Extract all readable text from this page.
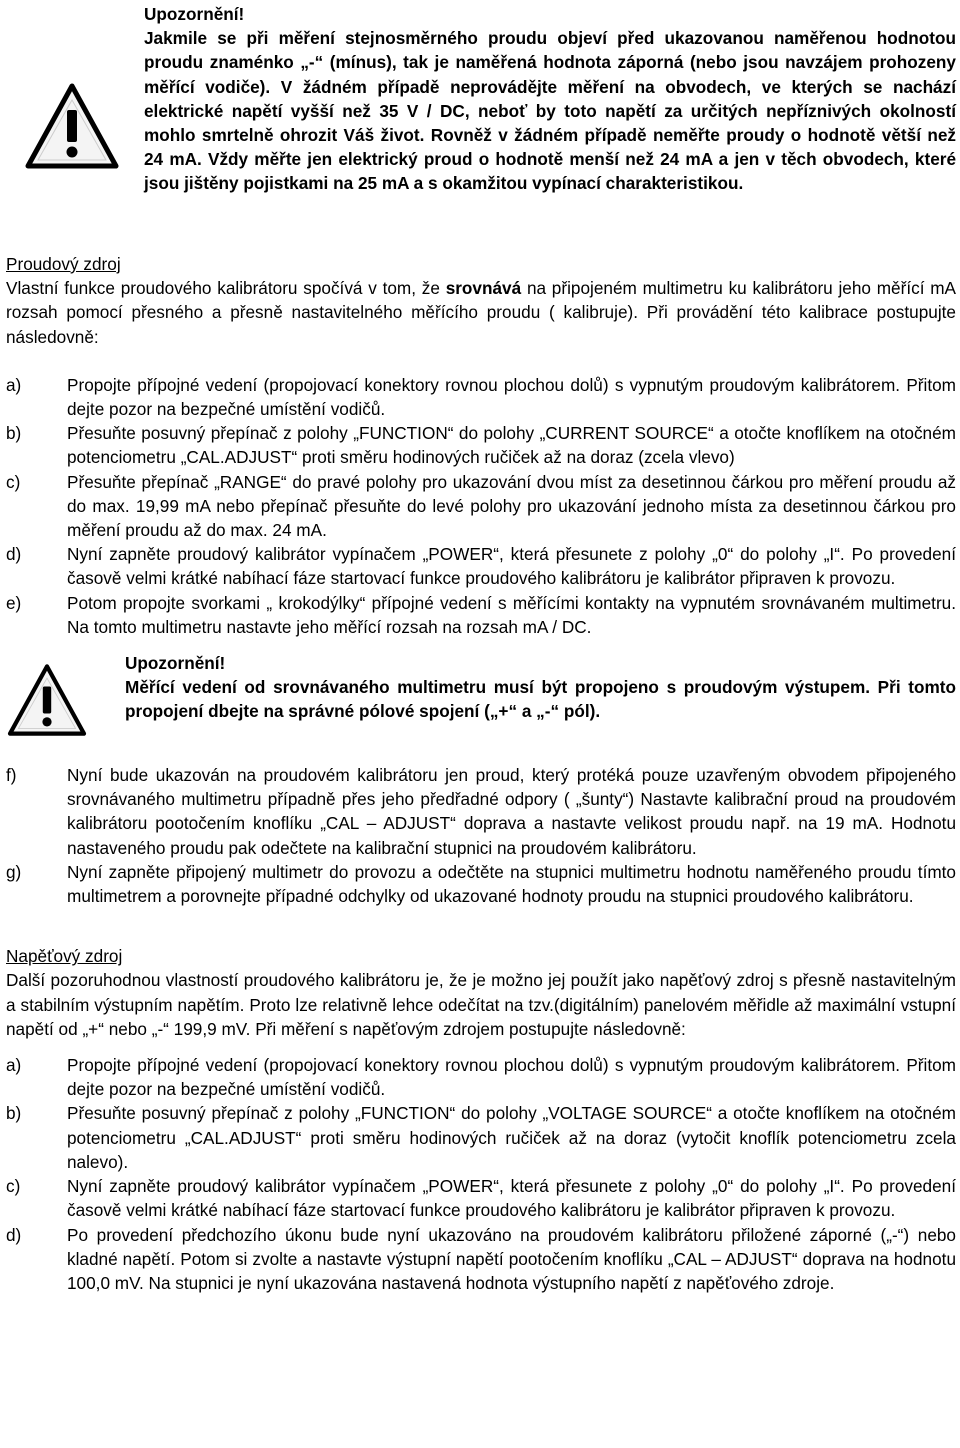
Upozornění!
Jakmile se při měření stejnosměrného proudu objeví před ukazovanou naměřenou hodnotou proudu znaménko „-“ (mínus), tak je naměřená hodnota záporná (nebo jsou navzájem prohozeny měřící vodiče). V žádném případě neprovádějte měření na obvodech, ve kterých se nachází elektrické napětí vyšší než 35 V / DC, neboť by toto napětí za určitých nepříznivých okolností mohlo smrtelně ohrozit Váš život. Rovněž v žádném případě neměřte proudy o hodnotě větší než 24 mA. Vždy měřte jen elektrický proud o hodnotě menší než 24 mA a jen v těch obvodech, které jsou jištěny pojistkami na 25 mA a s okamžitou vypínací charakteristikou.
Proudový zdroj

Vlastní funkce proudového kalibrátoru spočívá v tom, že srovnává na připojeném multimetru ku kalibrátoru jeho měřící mA rozsah pomocí přesného a přesně nastavitelného měřícího proudu ( kalibruje). Při provádění této kalibrace postupujte následovně:

a)	Propojte přípojné vedení (propojovací konektory rovnou plochou dolů) s vypnutým proudovým kalibrátorem. Přitom dejte pozor na bezpečné umístění vodičů.
b)	Přesuňte posuvný přepínač z polohy „FUNCTION“ do polohy „CURRENT SOURCE“ a otočte knoflíkem na otočném potenciometru „CAL.ADJUST“ proti směru hodinových ručiček až na doraz (zcela vlevo)
c)	Přesuňte přepínač „RANGE“ do pravé polohy pro ukazování dvou míst za desetinnou čárkou pro měření proudu až do max. 19,99 mA nebo přepínač přesuňte do levé polohy pro ukazování jednoho místa za desetinnou čárkou pro měření proudu až do max. 24 mA.
d)	Nyní zapněte proudový kalibrátor vypínačem „POWER“, která přesunete z polohy „0“ do polohy „I“. Po provedení časově velmi krátké nabíhací fáze startovací funkce proudového kalibrátoru je kalibrátor připraven k provozu.
e)	Potom propojte svorkami „ krokodýlky“ přípojné vedení s měřícími kontakty na vypnutém srovnávaném multimetru. Na tomto multimetru nastavte jeho měřící rozsah na rozsah mA / DC.
Upozornění!
Měřící vedení od srovnávaného multimetru musí být propojeno s proudovým výstupem. Při tomto propojení dbejte na správné pólové spojení („+“ a „-“ pól).
f)	Nyní bude ukazován na proudovém kalibrátoru jen proud, který protéká pouze uzavřeným obvodem připojeného srovnávaného multimetru případně přes jeho předřadné odpory ( „šunty“) Nastavte kalibrační proud na proudovém kalibrátoru pootočením knoflíku „CAL – ADJUST“ doprava a nastavte velikost proudu např. na 19 mA. Hodnotu nastaveného proudu pak odečtete na kalibrační stupnici na proudovém kalibrátoru.
g)	Nyní zapněte připojený multimetr do provozu a odečtěte na stupnici multimetru hodnotu naměřeného proudu tímto multimetrem a porovnejte případné odchylky od ukazované hodnoty proudu na stupnici proudového kalibrátoru.
Napěťový zdroj

Další pozoruhodnou vlastností proudového kalibrátoru je, že je možno jej použít jako napěťový zdroj s přesně nastavitelným a stabilním výstupním napětím. Proto lze relativně lehce odečítat na tzv.(digitálním) panelovém měřidle až maximální vstupní napětí od „+“ nebo „-“ 199,9 mV. Při měření s napěťovým zdrojem postupujte následovně:

a)	Propojte přípojné vedení (propojovací konektory rovnou plochou dolů) s vypnutým proudovým kalibrátorem. Přitom dejte pozor na bezpečné umístění vodičů.
b)	Přesuňte posuvný přepínač z polohy „FUNCTION“ do polohy „VOLTAGE SOURCE“ a otočte knoflíkem na otočném potenciometru „CAL.ADJUST“ proti směru hodinových ručiček až na doraz (vytočit knoflík potenciometru zcela nalevo).
c)	Nyní zapněte proudový kalibrátor vypínačem „POWER“, která přesunete z polohy „0“ do polohy „I“. Po provedení časově velmi krátké nabíhací fáze startovací funkce proudového kalibrátoru je kalibrátor připraven k provozu.
d)	Po provedení předchozího úkonu bude nyní ukazováno na proudovém kalibrátoru přiložené záporné („-“) nebo kladné napětí. Potom si zvolte a nastavte výstupní napětí pootočením knoflíku „CAL – ADJUST“ doprava na hodnotu 100,0 mV. Na stupnici je nyní ukazována nastavená hodnota výstupního napětí z napěťového zdroje.
